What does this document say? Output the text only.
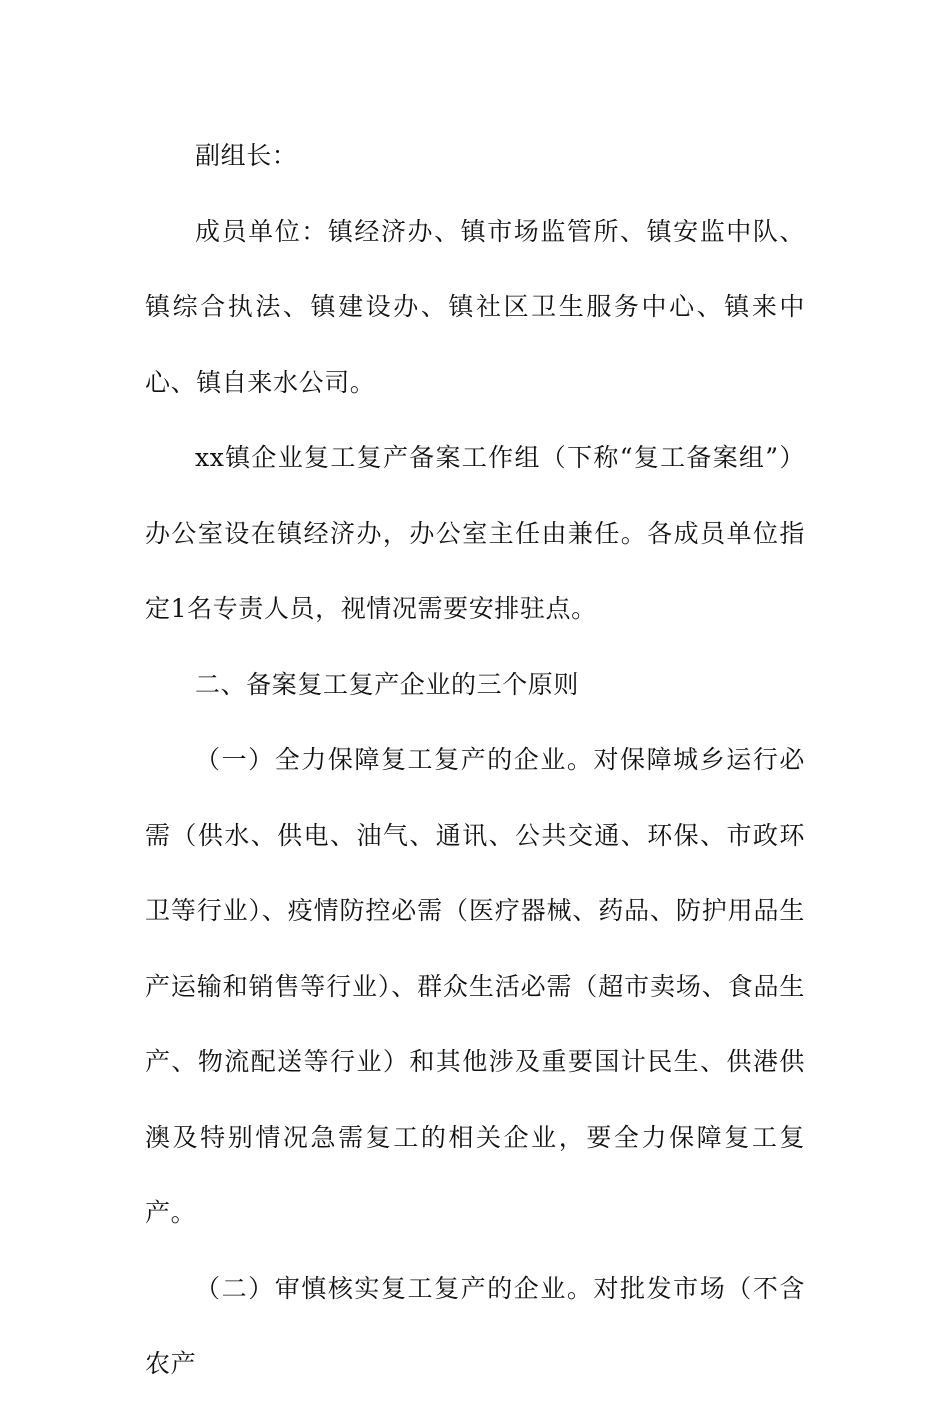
副组长：

成员单位：镇经济办、镇市场监管所、镇安监中队、镇综合执法、镇建设办、镇社区卫生服务中心、镇来中心、镇自来水公司。

xx镇企业复工复产备案工作组（下称“复工备案组”）办公室设在镇经济办，办公室主任由兼任。各成员单位指定1名专责人员，视情况需要安排驻点。

二、备案复工复产企业的三个原则

（一）全力保障复工复产的企业。对保障城乡运行必需（供水、供电、油气、通讯、公共交通、环保、市政环卫等行业）、疫情防控必需（医疗器械、药品、防护用品生产运输和销售等行业）、群众生活必需（超市卖场、食品生产、物流配送等行业）和其他涉及重要国计民生、供港供澳及特别情况急需复工的相关企业，要全力保障复工复产。

（二）审慎核实复工复产的企业。对批发市场（不含农产
